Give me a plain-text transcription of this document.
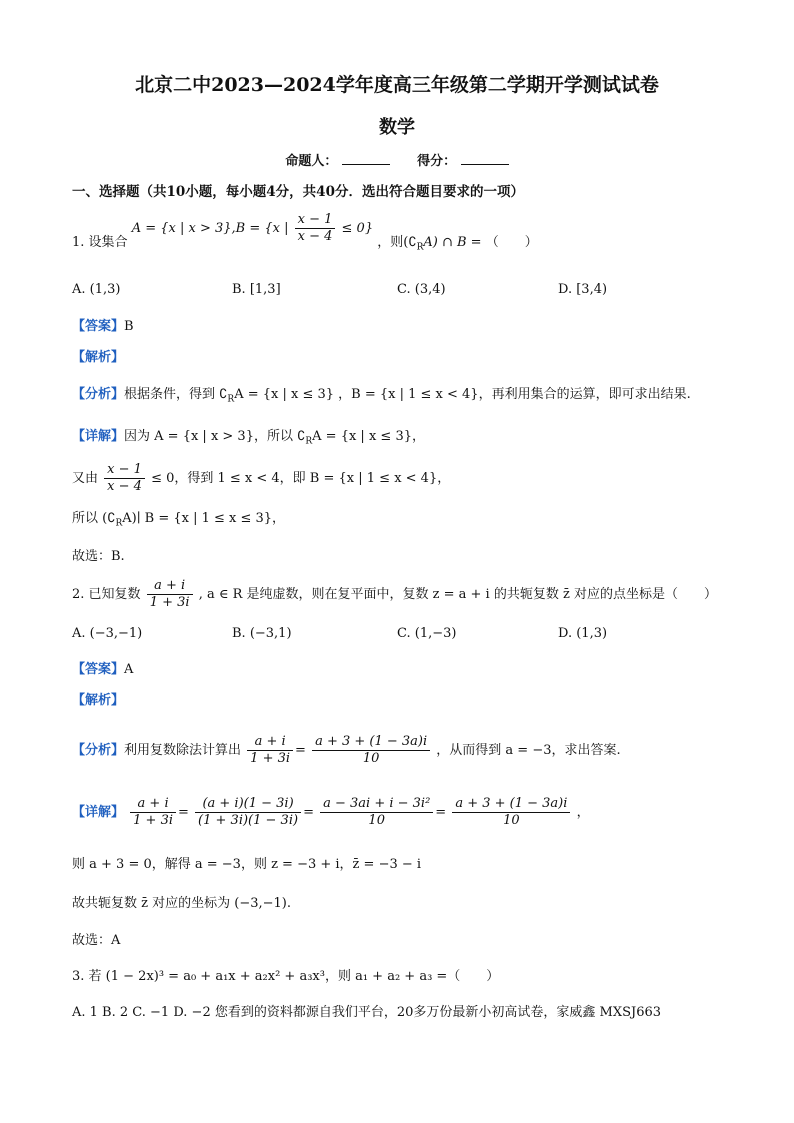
北京二中2023—2024学年度高三年级第二学期开学测试试卷
数学
命题人：	得分：
一、选择题（共10小题，每小题4分，共40分．选出符合题目要求的一项）
1. 设集合 A = {x | x > 3},B = {x | $\frac{x - 1}{x - 4} \le 0$} ，则$(∁_RA)$ ∩ B = （　　）
A. (1,3)	B. [1,3]	C. (3,4)	D. [3,4)
【答案】B
【解析】
【分析】根据条件，得到 $∁_RA = \{x$ | x ≤ 3} ，B = {x | 1 ≤ x < 4}，再利用集合的运算，即可求出结果.
【详解】因为 A = {x | x > 3}，所以 $∁_RA = \{x$ | x ≤ 3}，
又由 $\frac{x - 1}{x - 4} \le 0$，得到 1 ≤ x < 4，即 B = {x | 1 ≤ x < 4}，
所以 $(∁_RA)∣$ B = {x | 1 ≤ x ≤ 3}，
故选：B.
2. 已知复数 $\frac{a + i}{1 + 3i}$ , a ∈ R 是纯虚数，则在复平面中，复数 z = a + i 的共轭复数 z̄ 对应的点坐标是（　　）
A. (−3,−1)	B. (−3,1)	C. (1,−3)	D. (1,3)
【答案】A
【解析】
【分析】利用复数除法计算出 $\frac{a + i}{1 + 3i} = \frac{a + 3 + (1 - 3a)i}{10}$ ，从而得到 a = −3，求出答案.
【详解】 $\frac{a + i}{1 + 3i} = \frac{(a + i)(1 - 3i)}{(1 + 3i)(1 - 3i)} = \frac{\text{a − 3ai + i − 3i²}}{10} = \frac{a + 3 + (1 - 3a)i}{10}$ ，
则 a + 3 = 0，解得 a = −3，则 z = −3 + i，z̄ = −3 − i
故共轭复数 z̄ 对应的坐标为 (−3,−1).
故选：A
3. 若 (1 − 2x)³ = a₀ + a₁x + a₂x² + a₃x³，则 a₁ + a₂ + a₃ =（　　）
A. 1 B. 2 C. −1 D. −2 您看到的资料都源自我们平台，20多万份最新小初高试卷，家威鑫 MXSJ663
